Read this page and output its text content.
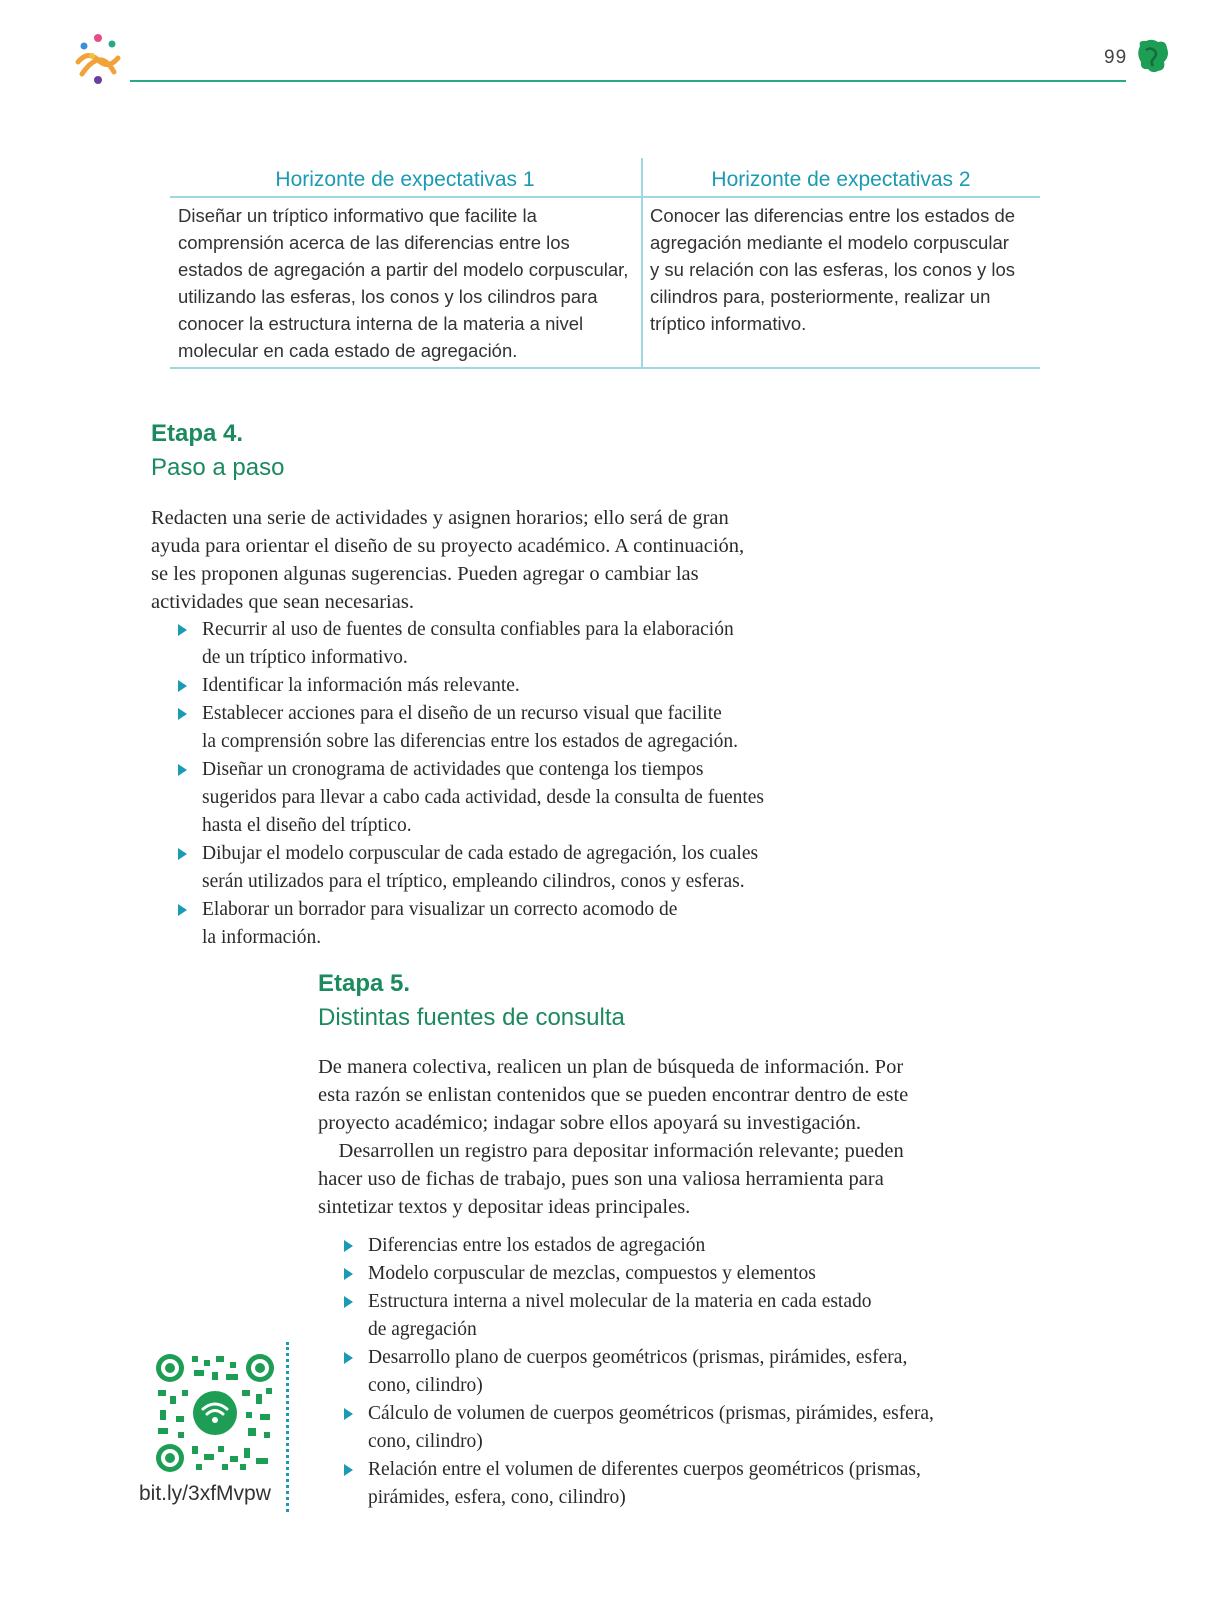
99
Horizonte de expectativas 1	Horizonte de expectativas 2
Diseñar un tríptico informativo que facilite la
comprensión acerca de las diferencias entre los
estados de agregación a partir del modelo corpuscular,
utilizando las esferas, los conos y los cilindros para
conocer la estructura interna de la materia a nivel
molecular en cada estado de agregación.
Conocer las diferencias entre los estados de
agregación mediante el modelo corpuscular
y su relación con las esferas, los conos y los
cilindros para, posteriormente, realizar un
tríptico informativo.
Etapa 4.
Paso a paso
Redacten una serie de actividades y asignen horarios; ello será de gran
ayuda para orientar el diseño de su proyecto académico. A continuación,
se les proponen algunas sugerencias. Pueden agregar o cambiar las
actividades que sean necesarias.
Recurrir al uso de fuentes de consulta confiables para la elaboración
de un tríptico informativo.
Identificar la información más relevante.
Establecer acciones para el diseño de un recurso visual que facilite
la comprensión sobre las diferencias entre los estados de agregación.
Diseñar un cronograma de actividades que contenga los tiempos
sugeridos para llevar a cabo cada actividad, desde la consulta de fuentes
hasta el diseño del tríptico.
Dibujar el modelo corpuscular de cada estado de agregación, los cuales
serán utilizados para el tríptico, empleando cilindros, conos y esferas.
Elaborar un borrador para visualizar un correcto acomodo de
la información.
Etapa 5.
Distintas fuentes de consulta
De manera colectiva, realicen un plan de búsqueda de información. Por
esta razón se enlistan contenidos que se pueden encontrar dentro de este
proyecto académico; indagar sobre ellos apoyará su investigación.
Desarrollen un registro para depositar información relevante; pueden
hacer uso de fichas de trabajo, pues son una valiosa herramienta para
sintetizar textos y depositar ideas principales.
Diferencias entre los estados de agregación
Modelo corpuscular de mezclas, compuestos y elementos
Estructura interna a nivel molecular de la materia en cada estado
de agregación
Desarrollo plano de cuerpos geométricos (prismas, pirámides, esfera,
cono, cilindro)
Cálculo de volumen de cuerpos geométricos (prismas, pirámides, esfera,
cono, cilindro)
Relación entre el volumen de diferentes cuerpos geométricos (prismas,
pirámides, esfera, cono, cilindro)
bit.ly/3xfMvpw
